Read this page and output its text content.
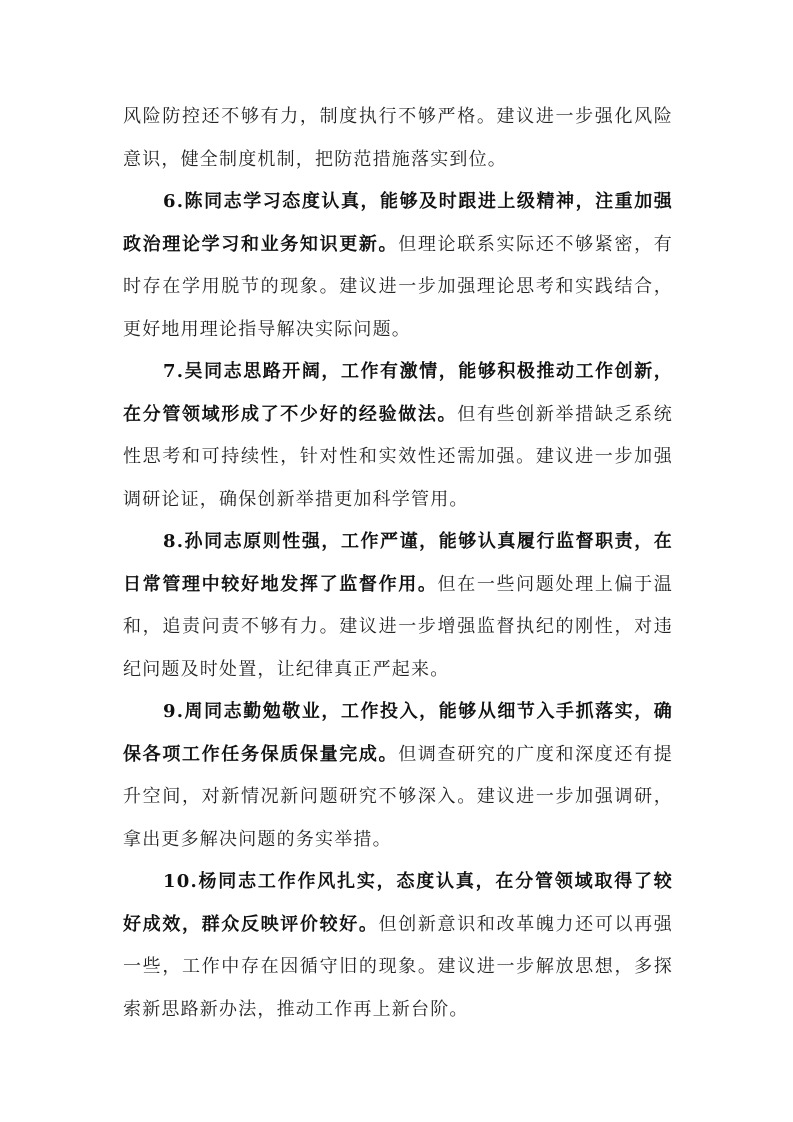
风险防控还不够有力，制度执行不够严格。建议进一步强化风险意识，健全制度机制，把防范措施落实到位。

6.陈同志学习态度认真，能够及时跟进上级精神，注重加强政治理论学习和业务知识更新。但理论联系实际还不够紧密，有时存在学用脱节的现象。建议进一步加强理论思考和实践结合，更好地用理论指导解决实际问题。

7.吴同志思路开阔，工作有激情，能够积极推动工作创新，在分管领域形成了不少好的经验做法。但有些创新举措缺乏系统性思考和可持续性，针对性和实效性还需加强。建议进一步加强调研论证，确保创新举措更加科学管用。

8.孙同志原则性强，工作严谨，能够认真履行监督职责，在日常管理中较好地发挥了监督作用。但在一些问题处理上偏于温和，追责问责不够有力。建议进一步增强监督执纪的刚性，对违纪问题及时处置，让纪律真正严起来。

9.周同志勤勉敬业，工作投入，能够从细节入手抓落实，确保各项工作任务保质保量完成。但调查研究的广度和深度还有提升空间，对新情况新问题研究不够深入。建议进一步加强调研，拿出更多解决问题的务实举措。

10.杨同志工作作风扎实，态度认真，在分管领域取得了较好成效，群众反映评价较好。但创新意识和改革魄力还可以再强一些，工作中存在因循守旧的现象。建议进一步解放思想，多探索新思路新办法，推动工作再上新台阶。
